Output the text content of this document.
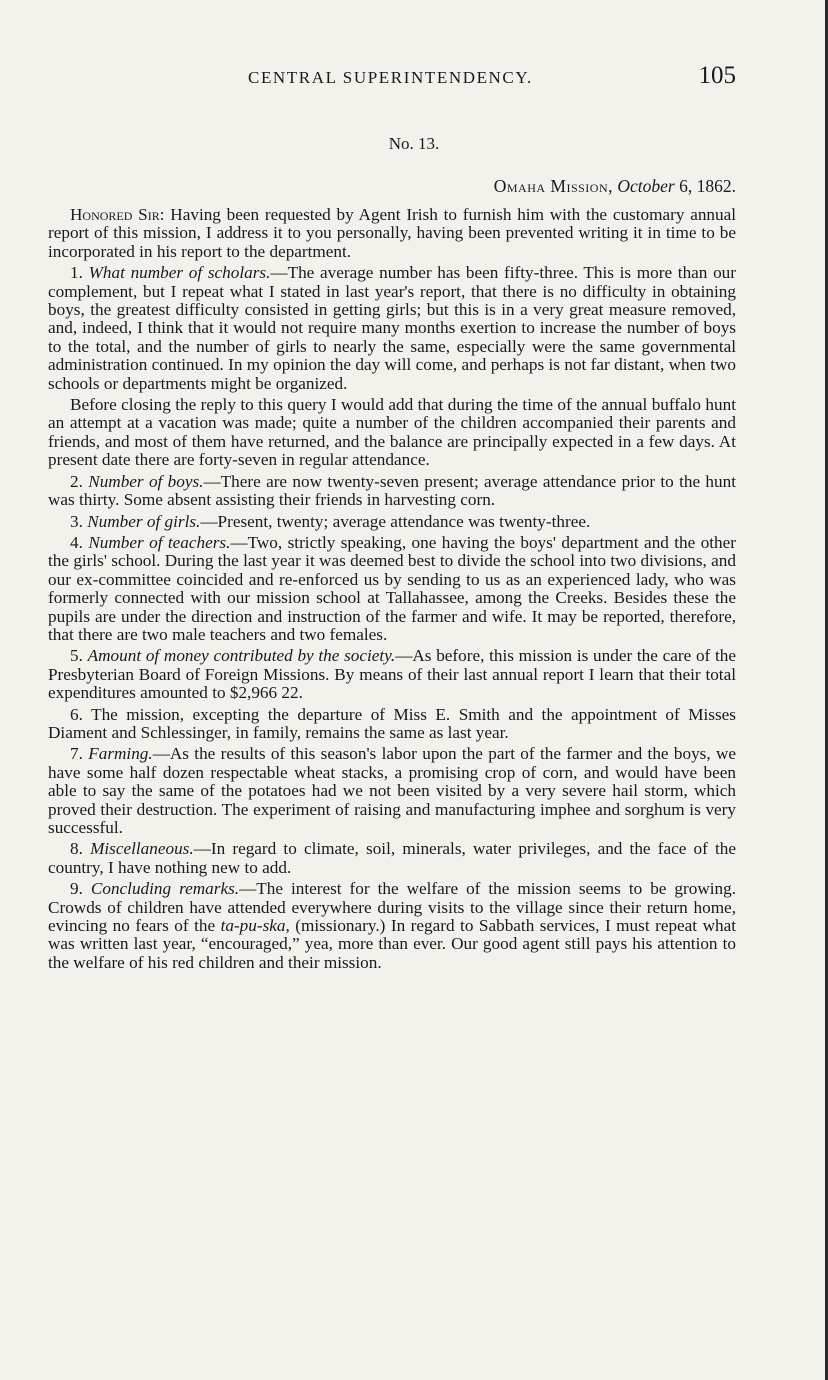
CENTRAL SUPERINTENDENCY.	105
No. 13.
Omaha Mission, October 6, 1862.

Honored Sir: Having been requested by Agent Irish to furnish him with the customary annual report of this mission, I address it to you personally, having been prevented writing it in time to be incorporated in his report to the department.

1. What number of scholars.—The average number has been fifty-three. This is more than our complement, but I repeat what I stated in last year's report, that there is no difficulty in obtaining boys, the greatest difficulty consisted in getting girls; but this is in a very great measure removed, and, indeed, I think that it would not require many months exertion to increase the number of boys to the total, and the number of girls to nearly the same, especially were the same governmental administration continued. In my opinion the day will come, and perhaps is not far distant, when two schools or departments might be organized.

Before closing the reply to this query I would add that during the time of the annual buffalo hunt an attempt at a vacation was made; quite a number of the children accompanied their parents and friends, and most of them have returned, and the balance are principally expected in a few days. At present date there are forty-seven in regular attendance.

2. Number of boys.—There are now twenty-seven present; average attendance prior to the hunt was thirty. Some absent assisting their friends in harvesting corn.

3. Number of girls.—Present, twenty; average attendance was twenty-three.

4. Number of teachers.—Two, strictly speaking, one having the boys' department and the other the girls' school. During the last year it was deemed best to divide the school into two divisions, and our ex-committee coincided and re-enforced us by sending to us as an experienced lady, who was formerly connected with our mission school at Tallahassee, among the Creeks. Besides these the pupils are under the direction and instruction of the farmer and wife. It may be reported, therefore, that there are two male teachers and two females.

5. Amount of money contributed by the society.—As before, this mission is under the care of the Presbyterian Board of Foreign Missions. By means of their last annual report I learn that their total expenditures amounted to $2,966 22.

6. The mission, excepting the departure of Miss E. Smith and the appointment of Misses Diament and Schlessinger, in family, remains the same as last year.

7. Farming.—As the results of this season's labor upon the part of the farmer and the boys, we have some half dozen respectable wheat stacks, a promising crop of corn, and would have been able to say the same of the potatoes had we not been visited by a very severe hail storm, which proved their destruction. The experiment of raising and manufacturing imphee and sorghum is very successful.

8. Miscellaneous.—In regard to climate, soil, minerals, water privileges, and the face of the country, I have nothing new to add.

9. Concluding remarks.—The interest for the welfare of the mission seems to be growing. Crowds of children have attended everywhere during visits to the village since their return home, evincing no fears of the ta-pu-ska, (missionary.) In regard to Sabbath services, I must repeat what was written last year, “encouraged,” yea, more than ever. Our good agent still pays his attention to the welfare of his red children and their mission.
